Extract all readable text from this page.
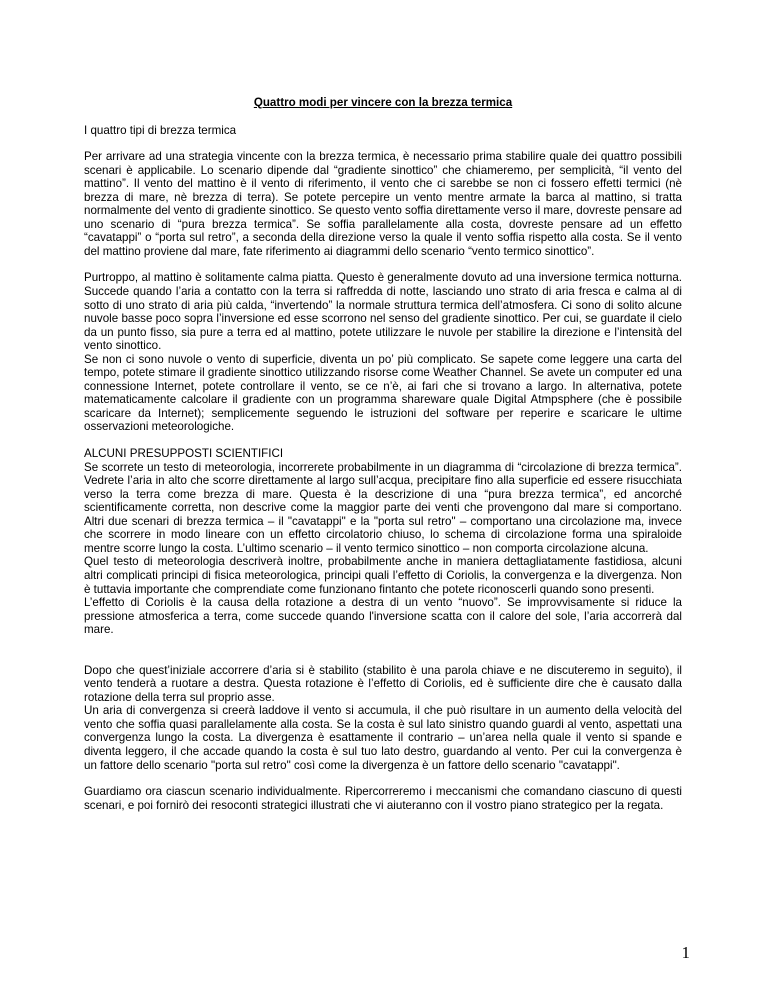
Quattro modi per vincere con la brezza termica

I quattro tipi di brezza termica

Per arrivare ad una strategia vincente con la brezza termica, è necessario prima stabilire quale dei quattro possibili scenari è applicabile. Lo scenario dipende dal “gradiente sinottico” che chiameremo, per semplicità, “il vento del mattino”. Il vento del mattino è il vento di riferimento, il vento che ci sarebbe se non ci fossero effetti termici (nè brezza di mare, nè brezza di terra). Se potete percepire un vento mentre armate la barca al mattino, si tratta normalmente del vento di gradiente sinottico. Se questo vento soffia direttamente verso il mare, dovreste pensare ad uno scenario di “pura brezza termica”. Se soffia parallelamente alla costa, dovreste pensare ad un effetto “cavatappi” o “porta sul retro”, a seconda della direzione verso la quale il vento soffia rispetto alla costa. Se il vento del mattino proviene dal mare, fate riferimento ai diagrammi dello scenario “vento termico sinottico”.

Purtroppo, al mattino è solitamente calma piatta. Questo è generalmente dovuto ad una inversione termica notturna. Succede quando l’aria a contatto con la terra si raffredda di notte, lasciando uno strato di aria fresca e calma al di sotto di uno strato di aria più calda, “invertendo” la normale struttura termica dell’atmosfera. Ci sono di solito alcune nuvole basse poco sopra l’inversione ed esse scorrono nel senso del gradiente sinottico. Per cui, se guardate il cielo da un punto fisso, sia pure a terra ed al mattino, potete utilizzare le nuvole per stabilire la direzione e l’intensità del vento sinottico.

Se non ci sono nuvole o vento di superficie, diventa un po’ più complicato. Se sapete come leggere una carta del tempo, potete stimare il gradiente sinottico utilizzando risorse come Weather Channel. Se avete un computer ed una connessione Internet, potete controllare il vento, se ce n’è, ai fari che si trovano a largo. In alternativa, potete matematicamente calcolare il gradiente con un programma shareware quale Digital Atmpsphere (che è possibile scaricare da Internet); semplicemente seguendo le istruzioni del software per reperire e scaricare le ultime osservazioni meteorologiche.

ALCUNI PRESUPPOSTI SCIENTIFICI

Se scorrete un testo di meteorologia, incorrerete probabilmente in un diagramma di “circolazione di brezza termica”. Vedrete l’aria in alto che scorre direttamente al largo sull’acqua, precipitare fino alla superficie ed essere risucchiata verso la terra come brezza di mare. Questa è la descrizione di una “pura brezza termica”, ed ancorché scientificamente corretta, non descrive come la maggior parte dei venti che provengono dal mare si comportano. Altri due scenari di brezza termica – il "cavatappi" e la "porta sul retro" – comportano una circolazione ma, invece che scorrere in modo lineare con un effetto circolatorio chiuso, lo schema di circolazione forma una spiraloide mentre scorre lungo la costa. L’ultimo scenario – il vento termico sinottico – non comporta circolazione alcuna.

Quel testo di meteorologia descriverà inoltre, probabilmente anche in maniera dettagliatamente fastidiosa, alcuni altri complicati principi di fisica meteorologica, principi quali l’effetto di Coriolis, la convergenza e la divergenza. Non è tuttavia importante che comprendiate come funzionano fintanto che potete riconoscerli quando sono presenti.

L’effetto di Coriolis è la causa della rotazione a destra di un vento “nuovo”. Se improvvisamente si riduce la pressione atmosferica a terra, come succede quando l'inversione scatta con il calore del sole, l’aria accorrerà dal mare.

Dopo che quest’iniziale accorrere d’aria si è stabilito (stabilito è una parola chiave e ne discuteremo in seguito), il vento tenderà a ruotare a destra. Questa rotazione è l’effetto di Coriolis, ed è sufficiente dire che è causato dalla rotazione della terra sul proprio asse.

Un aria di convergenza si creerà laddove il vento si accumula, il che può risultare in un aumento della velocità del vento che soffia quasi parallelamente alla costa. Se la costa è sul lato sinistro quando guardi al vento, aspettati una convergenza lungo la costa. La divergenza è esattamente il contrario – un’area nella quale il vento si spande e diventa leggero, il che accade quando la costa è sul tuo lato destro, guardando al vento. Per cui la convergenza è un fattore dello scenario "porta sul retro" così come la divergenza è un fattore dello scenario "cavatappi".

Guardiamo ora ciascun scenario individualmente. Ripercorreremo i meccanismi che comandano ciascuno di questi scenari, e poi fornirò dei resoconti strategici illustrati che vi aiuteranno con il vostro piano strategico per la regata.

1
